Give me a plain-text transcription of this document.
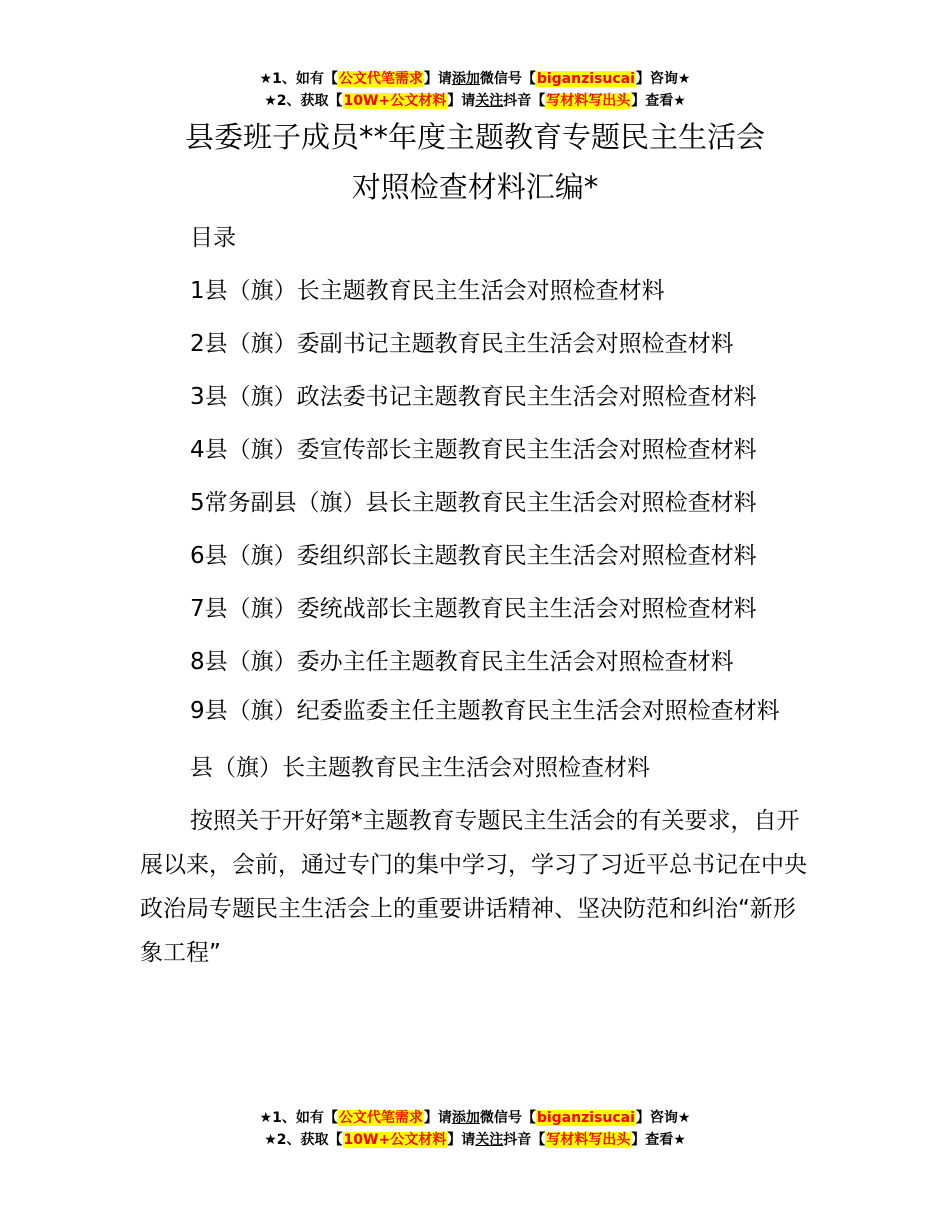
★1、如有【公文代笔需求】请添加微信号【biganzisucai】咨询★
★2、获取【10W+公文材料】请关注抖音【写材料写出头】查看★
县委班子成员**年度主题教育专题民主生活会
对照检查材料汇编*

目录

1县（旗）长主题教育民主生活会对照检查材料

2县（旗）委副书记主题教育民主生活会对照检查材料

3县（旗）政法委书记主题教育民主生活会对照检查材料

4县（旗）委宣传部长主题教育民主生活会对照检查材料

5常务副县（旗）县长主题教育民主生活会对照检查材料

6县（旗）委组织部长主题教育民主生活会对照检查材料

7县（旗）委统战部长主题教育民主生活会对照检查材料

8县（旗）委办主任主题教育民主生活会对照检查材料

9县（旗）纪委监委主任主题教育民主生活会对照检查材料

县（旗）长主题教育民主生活会对照检查材料

按照关于开好第*主题教育专题民主生活会的有关要求，自开展以来，会前，通过专门的集中学习，学习了习近平总书记在中央政治局专题民主生活会上的重要讲话精神、坚决防范和纠治“新形象工程”

★1、如有【公文代笔需求】请添加微信号【biganzisucai】咨询★
★2、获取【10W+公文材料】请关注抖音【写材料写出头】查看★
